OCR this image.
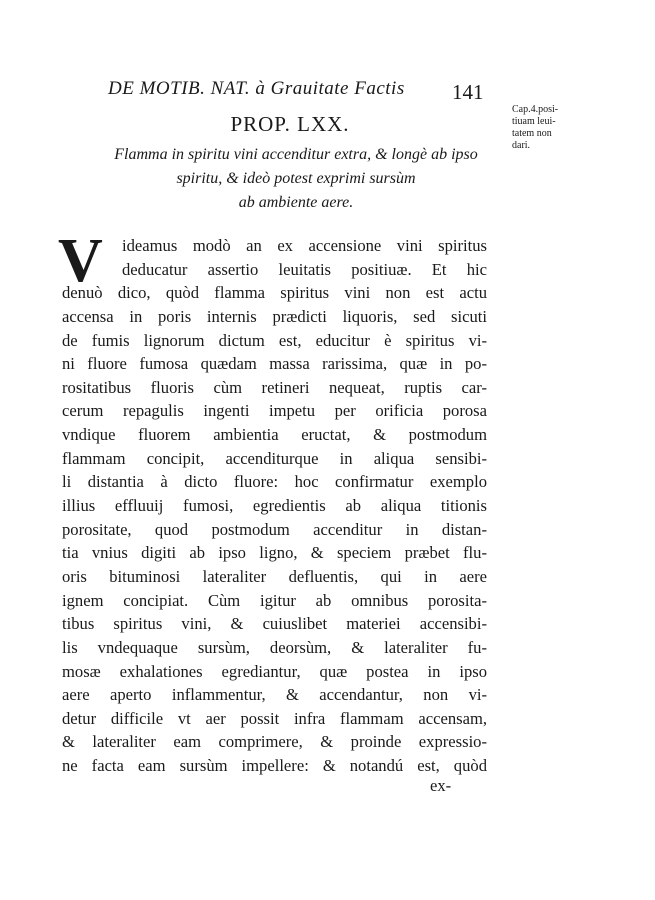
DE MOTIB. NAT. à Grauitate Factis 141
Cap.4.posi-
tiuam leui-
tatem non
dari.
PROP. LXX.
Flamma in spiritu vini accenditur extra, & longè ab ipso
spiritu, & ideò potest exprimi sursùm
ab ambiente aere.
V	ideamus modò an ex accensione vini spiritus
deducatur assertio leuitatis positiuæ. Et hic
denuò dico, quòd flamma spiritus vini non est actu
accensa in poris internis prædicti liquoris, sed sicuti
de fumis lignorum dictum est, educitur è spiritus vi-
ni fluore fumosa quædam massa rarissima, quæ in po-
rositatibus fluoris cùm retineri nequeat, ruptis car-
cerum repagulis ingenti impetu per orificia porosa
vndique fluorem ambientia eructat, & postmodum
flammam concipit, accenditurque in aliqua sensibi-
li distantia à dicto fluore: hoc confirmatur exemplo
illius effluuij fumosi, egredientis ab aliqua titionis
porositate, quod postmodum accenditur in distan-
tia vnius digiti ab ipso ligno, & speciem præbet flu-
oris bituminosi lateraliter defluentis, qui in aere
ignem concipiat. Cùm igitur ab omnibus porosita-
tibus spiritus vini, & cuiuslibet materiei accensibi-
lis vndequaque sursùm, deorsùm, & lateraliter fu-
mosæ exhalationes egrediantur, quæ postea in ipso
aere aperto inflammentur, & accendantur, non vi-
detur difficile vt aer possit infra flammam accensam,
& lateraliter eam comprimere, & proinde expressio-
ne facta eam sursùm impellere: & notandú est, quòd
ex-
